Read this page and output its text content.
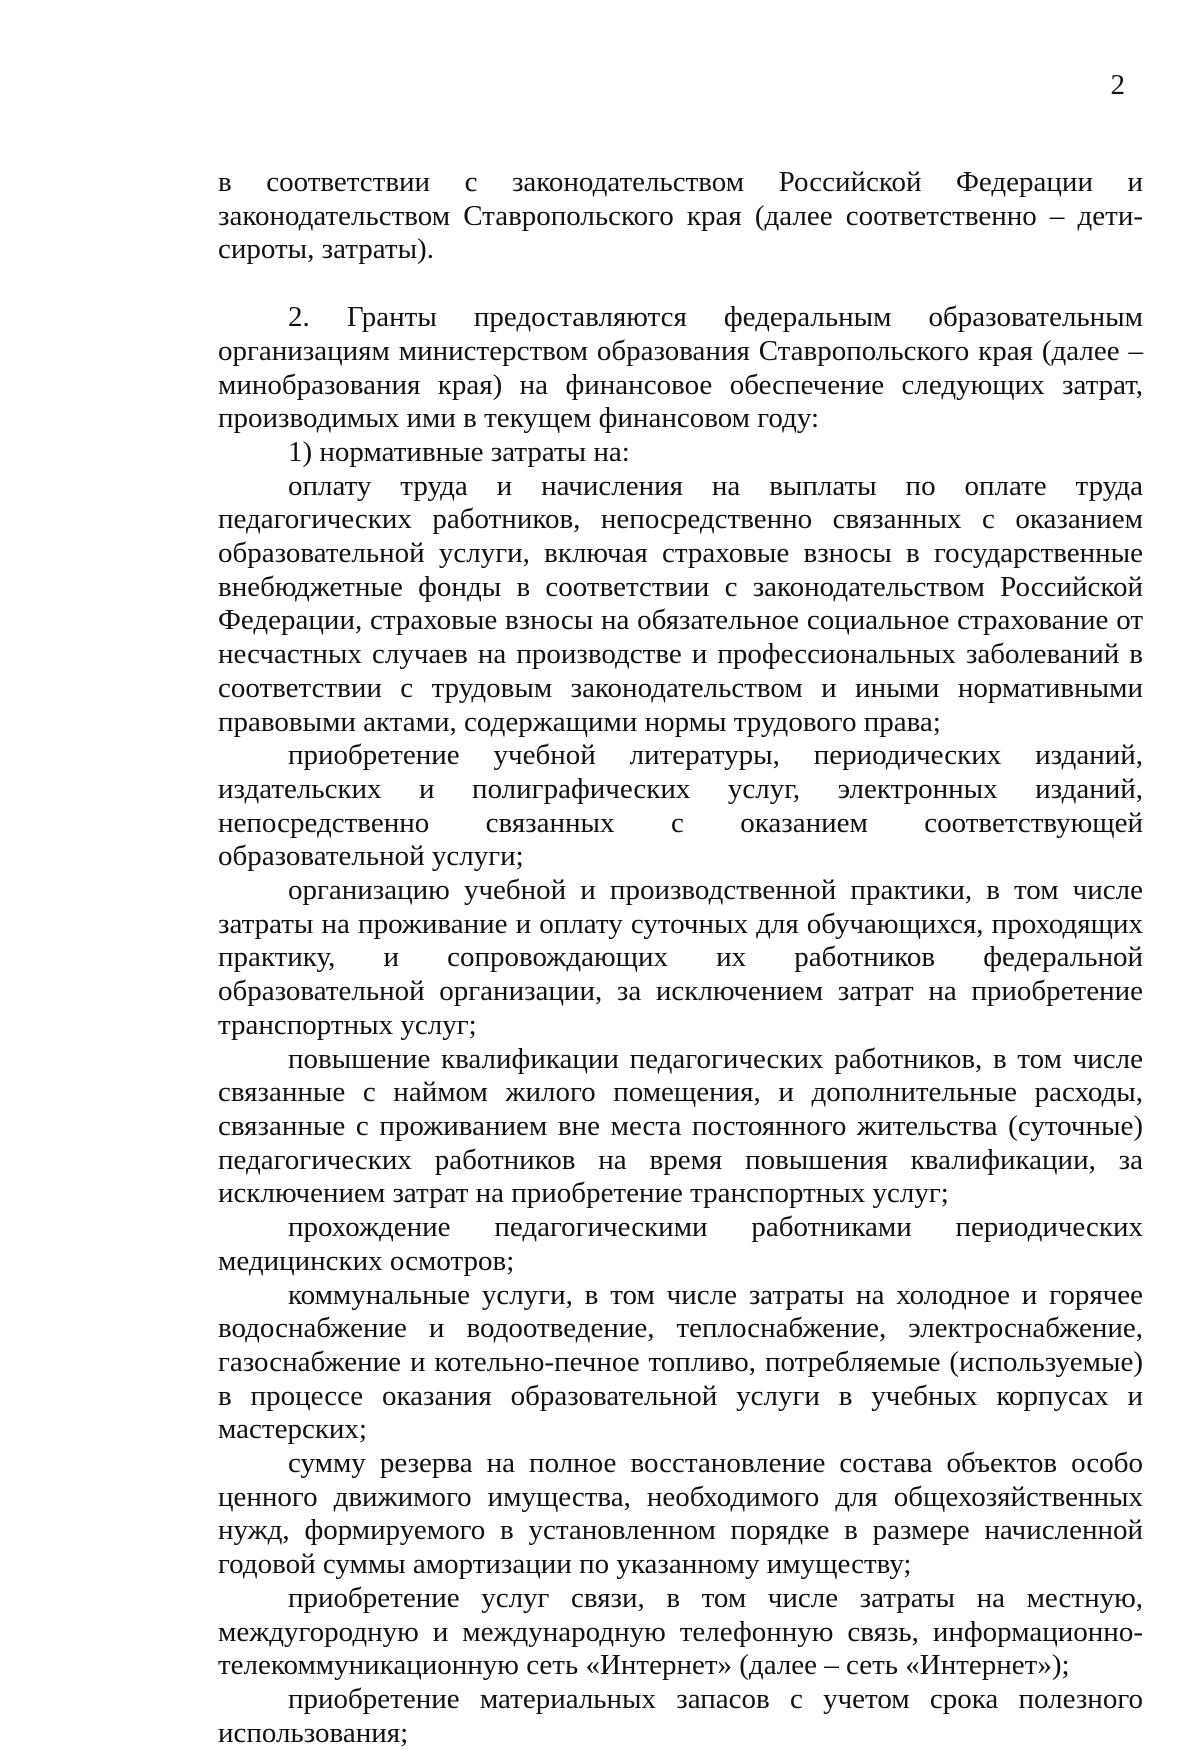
2

в соответствии с законодательством Российской Федерации и законодательством Ставропольского края (далее соответственно – дети-сироты, затраты).

2. Гранты предоставляются федеральным образовательным организациям министерством образования Ставропольского края (далее – минобразования края) на финансовое обеспечение следующих затрат, производимых ими в текущем финансовом году:

1) нормативные затраты на:

оплату труда и начисления на выплаты по оплате труда педагогических работников, непосредственно связанных с оказанием образовательной услуги, включая страховые взносы в государственные внебюджетные фонды в соответствии с законодательством Российской Федерации, страховые взносы на обязательное социальное страхование от несчастных случаев на производстве и профессиональных заболеваний в соответствии с трудовым законодательством и иными нормативными правовыми актами, содержащими нормы трудового права;

приобретение учебной литературы, периодических изданий, издательских и полиграфических услуг, электронных изданий, непосредственно связанных с оказанием соответствующей образовательной услуги;

организацию учебной и производственной практики, в том числе затраты на проживание и оплату суточных для обучающихся, проходящих практику, и сопровождающих их работников федеральной образовательной организации, за исключением затрат на приобретение транспортных услуг;

повышение квалификации педагогических работников, в том числе связанные с наймом жилого помещения, и дополнительные расходы, связанные с проживанием вне места постоянного жительства (суточные) педагогических работников на время повышения квалификации, за исключением затрат на приобретение транспортных услуг;

прохождение педагогическими работниками периодических медицинских осмотров;

коммунальные услуги, в том числе затраты на холодное и горячее водоснабжение и водоотведение, теплоснабжение, электроснабжение, газоснабжение и котельно-печное топливо, потребляемые (используемые) в процессе оказания образовательной услуги в учебных корпусах и мастерских;

сумму резерва на полное восстановление состава объектов особо ценного движимого имущества, необходимого для общехозяйственных нужд, формируемого в установленном порядке в размере начисленной годовой суммы амортизации по указанному имуществу;

приобретение услуг связи, в том числе затраты на местную, междугородную и международную телефонную связь, информационно-телекоммуникационную сеть «Интернет» (далее – сеть «Интернет»);

приобретение материальных запасов с учетом срока полезного использования;
